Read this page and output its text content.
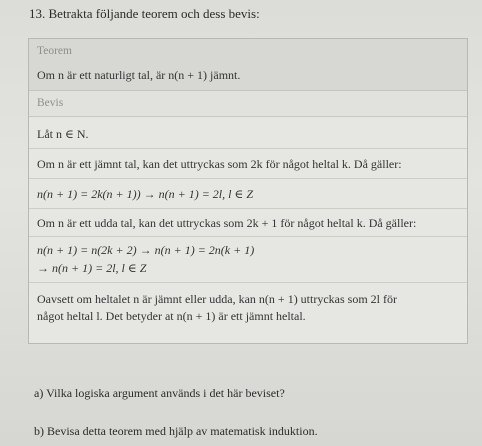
13. Betrakta följande teorem och dess bevis:
Teorem
Om n är ett naturligt tal, är n(n + 1) jämnt.
Bevis
Låt n ∈ N.
Om n är ett jämnt tal, kan det uttryckas som 2k för något heltal k. Då gäller:
n(n + 1) = 2k(n + 1)) → n(n + 1) = 2l, l ∈ Z
Om n är ett udda tal, kan det uttryckas som 2k + 1 för något heltal k. Då gäller:
n(n + 1) = n(2k + 2) → n(n + 1) = 2n(k + 1)
→ n(n + 1) = 2l, l ∈ Z
Oavsett om heltalet n är jämnt eller udda, kan n(n + 1) uttryckas som 2l för
något heltal l. Det betyder at n(n + 1) är ett jämnt heltal.
a) Vilka logiska argument används i det här beviset?
b) Bevisa detta teorem med hjälp av matematisk induktion.
